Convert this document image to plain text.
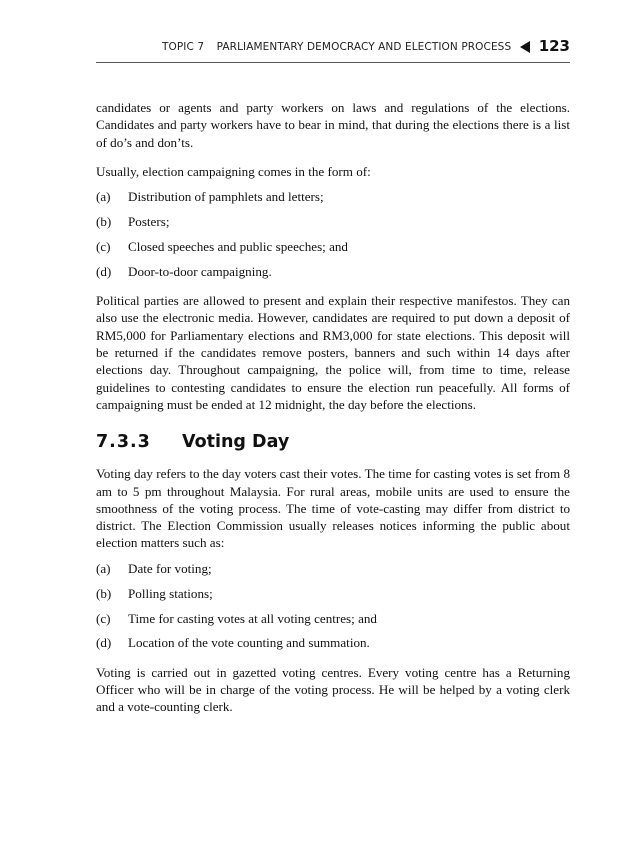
TOPIC 7 PARLIAMENTARY DEMOCRACY AND ELECTION PROCESS 123

candidates or agents and party workers on laws and regulations of the elections. Candidates and party workers have to bear in mind, that during the elections there is a list of do’s and don’ts.

Usually, election campaigning comes in the form of:

(a)	Distribution of pamphlets and letters;
(b)	Posters;
(c)	Closed speeches and public speeches; and
(d)	Door-to-door campaigning.

Political parties are allowed to present and explain their respective manifestos. They can also use the electronic media. However, candidates are required to put down a deposit of RM5,000 for Parliamentary elections and RM3,000 for state elections. This deposit will be returned if the candidates remove posters, banners and such within 14 days after elections day. Throughout campaigning, the police will, from time to time, release guidelines to contesting candidates to ensure the election run peacefully. All forms of campaigning must be ended at 12 midnight, the day before the elections.

7.3.3	Voting Day

Voting day refers to the day voters cast their votes. The time for casting votes is set from 8 am to 5 pm throughout Malaysia. For rural areas, mobile units are used to ensure the smoothness of the voting process. The time of vote-casting may differ from district to district. The Election Commission usually releases notices informing the public about election matters such as:

(a)	Date for voting;
(b)	Polling stations;
(c)	Time for casting votes at all voting centres; and
(d)	Location of the vote counting and summation.

Voting is carried out in gazetted voting centres. Every voting centre has a Returning Officer who will be in charge of the voting process. He will be helped by a voting clerk and a vote-counting clerk.
